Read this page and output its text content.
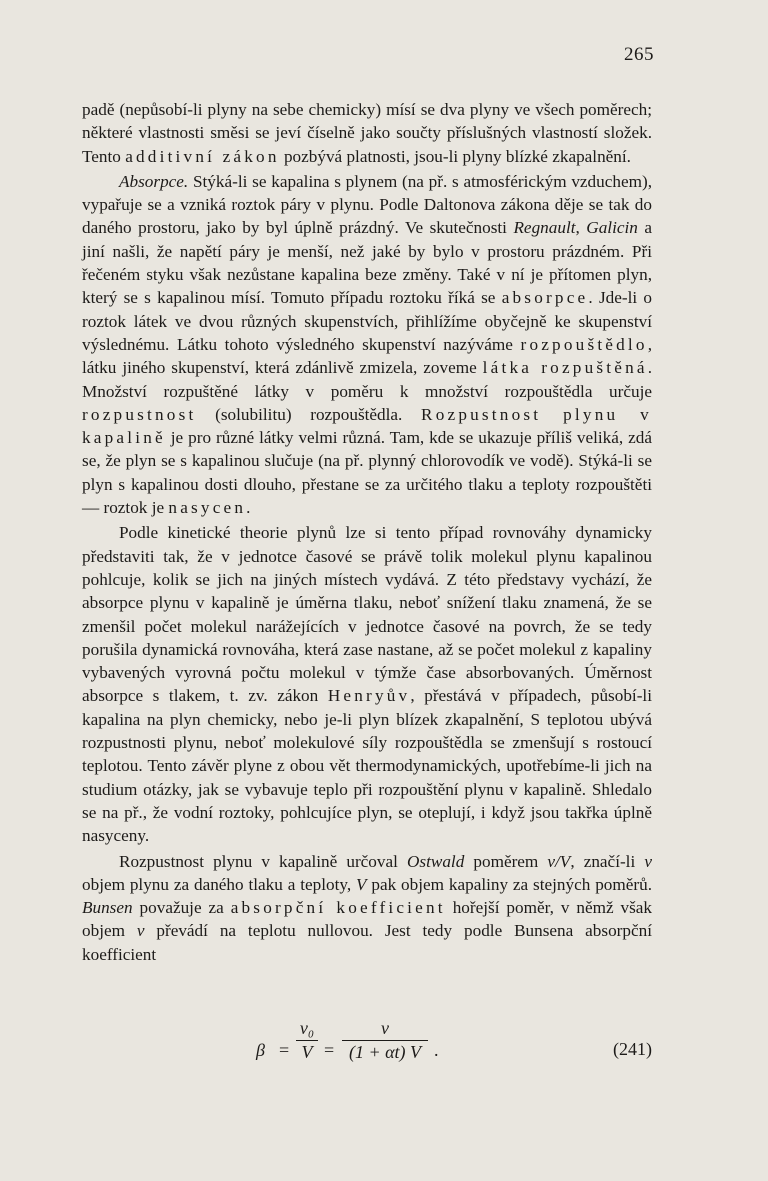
265

padě (nepůsobí-li plyny na sebe chemicky) mísí se dva plyny ve všech poměrech; některé vlastnosti směsi se jeví číselně jako součty příslušných vlastností složek. Tento additivní zákon pozbývá platnosti, jsou-li plyny blízké zkapalnění.

Absorpce. Stýká-li se kapalina s plynem (na př. s atmosférickým vzduchem), vypařuje se a vzniká roztok páry v plynu. Podle Daltonova zákona děje se tak do daného prostoru, jako by byl úplně prázdný. Ve skutečnosti Regnault, Galicin a jiní našli, že napětí páry je menší, než jaké by bylo v prostoru prázdném. Při řečeném styku však nezůstane kapalina beze změny. Také v ní je přítomen plyn, který se s kapalinou mísí. Tomuto případu roztoku říká se absorpce. Jde-li o roztok látek ve dvou různých skupenstvích, přihlížíme obyčejně ke skupenství výslednému. Látku tohoto výsledného skupenství nazýváme rozpouštědlo, látku jiného skupenství, která zdánlivě zmizela, zoveme látka rozpuštěná. Množství rozpuštěné látky v poměru k množství rozpouštědla určuje rozpustnost (solubilitu) rozpouštědla. Rozpustnost plynu v kapalině je pro různé látky velmi různá. Tam, kde se ukazuje příliš veliká, zdá se, že plyn se s kapalinou slučuje (na př. plynný chlorovodík ve vodě). Stýká-li se plyn s kapalinou dosti dlouho, přestane se za určitého tlaku a teploty rozpouštěti — roztok je nasycen.

Podle kinetické theorie plynů lze si tento případ rovnováhy dynamicky představiti tak, že v jednotce časové se právě tolik molekul plynu kapalinou pohlcuje, kolik se jich na jiných místech vydává. Z této představy vychází, že absorpce plynu v kapalině je úměrna tlaku, neboť snížení tlaku znamená, že se zmenšil počet molekul narážejících v jednotce časové na povrch, že se tedy porušila dynamická rovnováha, která zase nastane, až se počet molekul z kapaliny vybavených vyrovná počtu molekul v týmže čase absorbovaných. Úměrnost absorpce s tlakem, t. zv. zákon Henryův, přestává v případech, působí-li kapalina na plyn chemicky, nebo je-li plyn blízek zkapalnění, S teplotou ubývá rozpustnosti plynu, neboť molekulové síly rozpouštědla se zmenšují s rostoucí teplotou. Tento závěr plyne z obou vět thermodynamických, upotřebíme-li jich na studium otázky, jak se vybavuje teplo při rozpouštění plynu v kapalině. Shledalo se na př., že vodní roztoky, pohlcujíce plyn, se oteplují, i když jsou takřka úplně nasyceny.

Rozpustnost plynu v kapalině určoval Ostwald poměrem v/V, značí-li v objem plynu za daného tlaku a teploty, V pak objem kapaliny za stejných poměrů. Bunsen považuje za absorpční koefficient hořejší poměr, v němž však objem v převádí na teplotu nullovou. Jest tedy podle Bunsena absorpční koefficient

β =
v₀
V =
v
(1 + αt) V .	(241)
